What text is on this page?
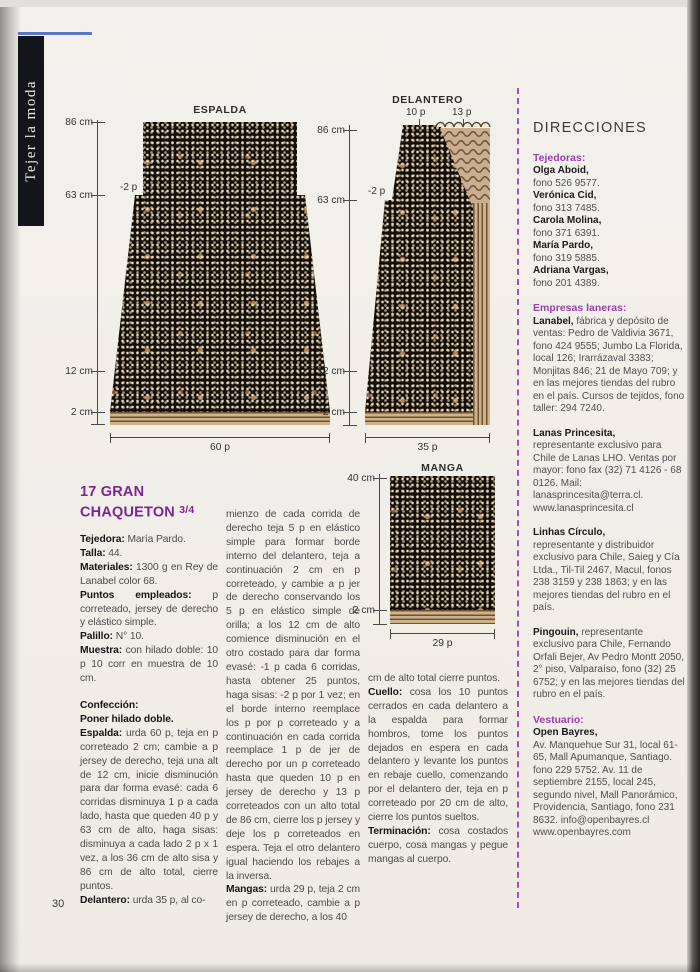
Tejer la moda	ESPALDA
-2 p
86 cm
63 cm
12 cm
2 cm
60 p
DELANTERO
10 p	13 p
-2 p
86 cm
63 cm
12 cm
2 cm
35 p
MANGA
40 cm
2 cm
29 p
17 GRAN
CHAQUETON $^{3/4}$

Tejedora: María Pardo.

Talla: 44.

Materiales: 1300 g en Rey de Lanabel color 68.

Puntos empleados: p correteado, jersey de derecho y elástico simple.

Palillo: N° 10.

Muestra: con hilado doble: 10 p 10 corr en muestra de 10 cm.

Confección:

Poner hilado doble.

Espalda: urda 60 p, teja en p correteado 2 cm; cambie a p jersey de derecho, teja una alt de 12 cm, inicie disminución para dar forma evasé: cada 6 corridas disminuya 1 p a cada lado, hasta que queden 40 p y 63 cm de alto, haga sisas: disminuya a cada lado 2 p x 1 vez, a los 36 cm de alto sisa y 86 cm de alto total, cierre puntos.

Delantero: urda 35 p, al co-

mienzo de cada corrida de derecho teja 5 p en elástico simple para formar borde interno del delantero, teja a continuación 2 cm en p correteado, y cambie a p jer de derecho conservando los 5 p en elástico simple de orilla; a los 12 cm de alto comience disminución en el otro costado para dar forma evasé: -1 p cada 6 corridas, hasta obtener 25 puntos, haga sisas: -2 p por 1 vez; en el borde interno reemplace los p por p correteado y a continuación en cada corrida reemplace 1 p de jer de derecho por un p correteado hasta que queden 10 p en jersey de derecho y 13 p correteados con un alto total de 86 cm, cierre los p jersey y deje los p correteados en espera. Teja el otro delantero igual haciendo los rebajes a la inversa.

Mangas: urda 29 p, teja 2 cm en p correteado, cambie a p jersey de derecho, a los 40

cm de alto total cierre puntos.

Cuello: cosa los 10 puntos cerrados en cada delantero a la espalda para formar hombros, tome los puntos dejados en espera en cada delantero y levante los puntos en rebaje cuello, comenzando por el delantero der, teja en p correteado por 20 cm de alto, cierre los puntos sueltos.

Terminación: cosa costados cuerpo, cosa mangas y pegue mangas al cuerpo.

DIRECCIONES
Tejedoras:

Olga Aboid,
fono 526 9577.

Verónica Cid,
fono 313 7485.

Carola Molina,
fono 371 6391.

María Pardo,
fono 319 5885.

Adriana Vargas,
fono 201 4389.

Empresas laneras:

Lanabel, fábrica y depósito de ventas: Pedro de Valdivia 3671, fono 424 9555; Jumbo La Florida, local 126; Irarrázaval 3383; Monjitas 846; 21 de Mayo 709; y en las mejores tiendas del rubro en el país. Cursos de tejidos, fono taller: 294 7240.

Lanas Princesita,
representante exclusivo para Chile de Lanas LHO. Ventas por mayor: fono fax (32) 71 4126 - 68 0126. Mail: lanasprincesita@terra.cl. www.lanasprincesita.cl

Linhas Círculo,
representante y distribuidor exclusivo para Chile, Saieg y Cía Ltda., Til-Til 2467, Macul, fonos 238 3159 y 238 1863; y en las mejores tiendas del rubro en el país.

Pingouin, representante exclusivo para Chile, Fernando Orfali Bejer, Av Pedro Montt 2050, 2° piso, Valparaíso, fono (32) 25 6752; y en las mejores tiendas del rubro en el país.

Vestuario:

Open Bayres,
Av. Manquehue Sur 31, local 61-65, Mall Apumanque, Santiago. fono 229 5752. Av. 11 de septiembre 2155, local 245, segundo nivel, Mall Panorámico, Providencia, Santiago, fono 231 8632. info@openbayres.cl www.openbayres.com

30
